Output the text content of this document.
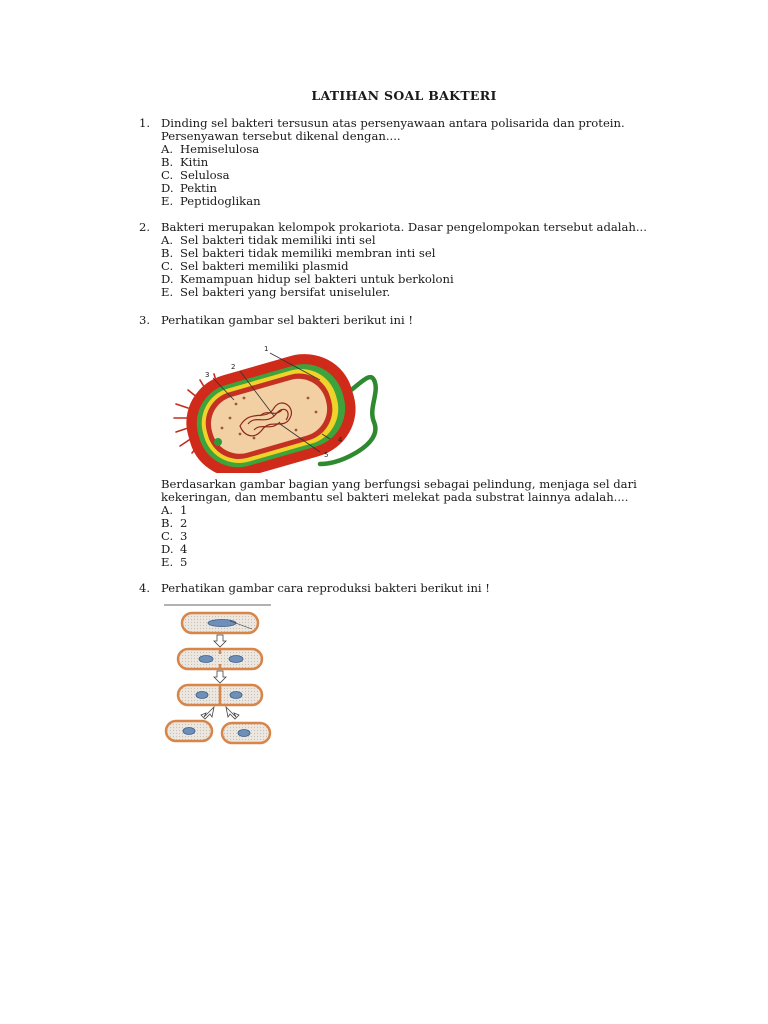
LATIHAN SOAL BAKTERI
1. Dinding sel bakteri tersusun atas persenyawaan antara polisarida dan protein.
Persenyawan tersebut dikenal dengan....
A. Hemiselulosa
B. Kitin
C. Selulosa
D. Pektin
E. Peptidoglikan
2. Bakteri merupakan kelompok prokariota. Dasar pengelompokan tersebut adalah...
A. Sel bakteri tidak memiliki inti sel
B. Sel bakteri tidak memiliki membran inti sel
C. Sel bakteri memiliki plasmid
D. Kemampuan hidup sel bakteri untuk berkoloni
E. Sel bakteri yang bersifat uniseluler.
3. Perhatikan gambar sel bakteri berikut ini !
1
2
3
4
5
Berdasarkan gambar bagian yang berfungsi sebagai pelindung, menjaga sel dari
kekeringan, dan membantu sel bakteri melekat pada substrat lainnya adalah....
A. 1
B. 2
C. 3
D. 4
E. 5
4. Perhatikan gambar cara reproduksi bakteri berikut ini !
